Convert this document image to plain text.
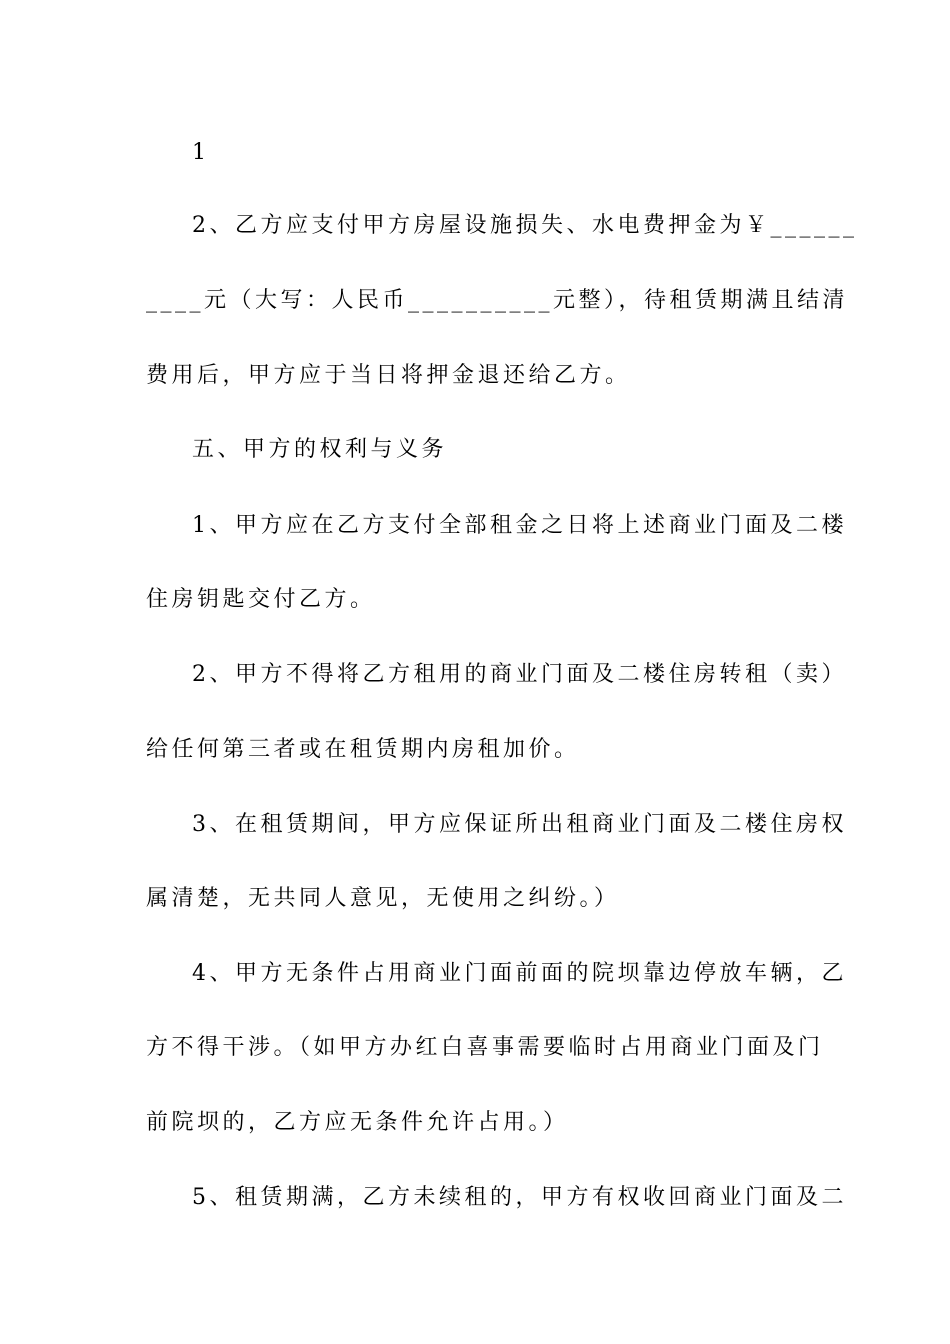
1
2、乙方应支付甲方房屋设施损失、水电费押金为￥______
____元（大写：人民币__________元整），待租赁期满且结清
费用后，甲方应于当日将押金退还给乙方。
五、甲方的权利与义务
1、甲方应在乙方支付全部租金之日将上述商业门面及二楼
住房钥匙交付乙方。
2、甲方不得将乙方租用的商业门面及二楼住房转租（卖）
给任何第三者或在租赁期内房租加价。
3、在租赁期间，甲方应保证所出租商业门面及二楼住房权
属清楚，无共同人意见，无使用之纠纷。）
4、甲方无条件占用商业门面前面的院坝靠边停放车辆，乙
方不得干涉。（如甲方办红白喜事需要临时占用商业门面及门
前院坝的，乙方应无条件允许占用。）
5、租赁期满，乙方未续租的，甲方有权收回商业门面及二
